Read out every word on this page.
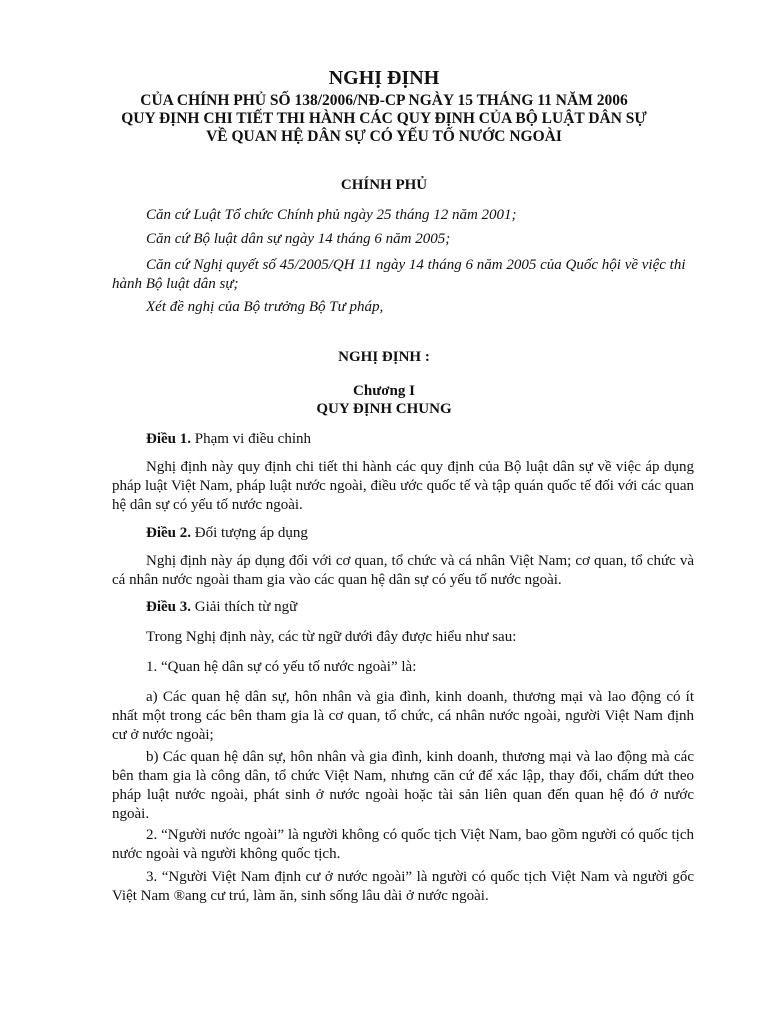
NGHỊ ĐỊNH
CỦA CHÍNH PHỦ SỐ 138/2006/NĐ-CP NGÀY 15 THÁNG 11 NĂM 2006
QUY ĐỊNH CHI TIẾT THI HÀNH CÁC QUY ĐỊNH CỦA BỘ LUẬT DÂN SỰ
VỀ QUAN HỆ DÂN SỰ CÓ YẾU TỐ NƯỚC NGOÀI
CHÍNH PHỦ
Căn cứ Luật Tổ chức Chính phủ ngày 25 tháng 12 năm 2001;
Căn cứ Bộ luật dân sự ngày 14 tháng 6 năm 2005;
Căn cứ Nghị quyết số 45/2005/QH 11 ngày 14 tháng 6 năm 2005 của Quốc hội về việc thi hành Bộ luật dân sự;
Xét đề nghị của Bộ trưởng Bộ Tư pháp,
NGHỊ ĐỊNH :
Chương I
QUY ĐỊNH CHUNG
Điều 1. Phạm vi điều chỉnh
Nghị định này quy định chi tiết thi hành các quy định của Bộ luật dân sự về việc áp dụng pháp luật Việt Nam, pháp luật nước ngoài, điều ước quốc tế và tập quán quốc tế đối với các quan hệ dân sự có yếu tố nước ngoài.
Điều 2. Đối tượng áp dụng
Nghị định này áp dụng đối với cơ quan, tổ chức và cá nhân Việt Nam; cơ quan, tổ chức và cá nhân nước ngoài tham gia vào các quan hệ dân sự có yếu tố nước ngoài.
Điều 3. Giải thích từ ngữ
Trong Nghị định này, các từ ngữ dưới đây được hiểu như sau:
1. “Quan hệ dân sự có yếu tố nước ngoài” là:
a) Các quan hệ dân sự, hôn nhân và gia đình, kinh doanh, thương mại và lao động có ít nhất một trong các bên tham gia là cơ quan, tổ chức, cá nhân nước ngoài, người Việt Nam định cư ở nước ngoài;
b) Các quan hệ dân sự, hôn nhân và gia đình, kinh doanh, thương mại và lao động mà các bên tham gia là công dân, tổ chức Việt Nam, nhưng căn cứ để xác lập, thay đổi, chấm dứt theo pháp luật nước ngoài, phát sinh ở nước ngoài hoặc tài sản liên quan đến quan hệ đó ở nước ngoài.
2. “Người nước ngoài” là người không có quốc tịch Việt Nam, bao gồm người có quốc tịch nước ngoài và người không quốc tịch.
3. “Người Việt Nam định cư ở nước ngoài” là người có quốc tịch Việt Nam và người gốc Việt Nam ®ang cư trú, làm ăn, sinh sống lâu dài ở nước ngoài.
